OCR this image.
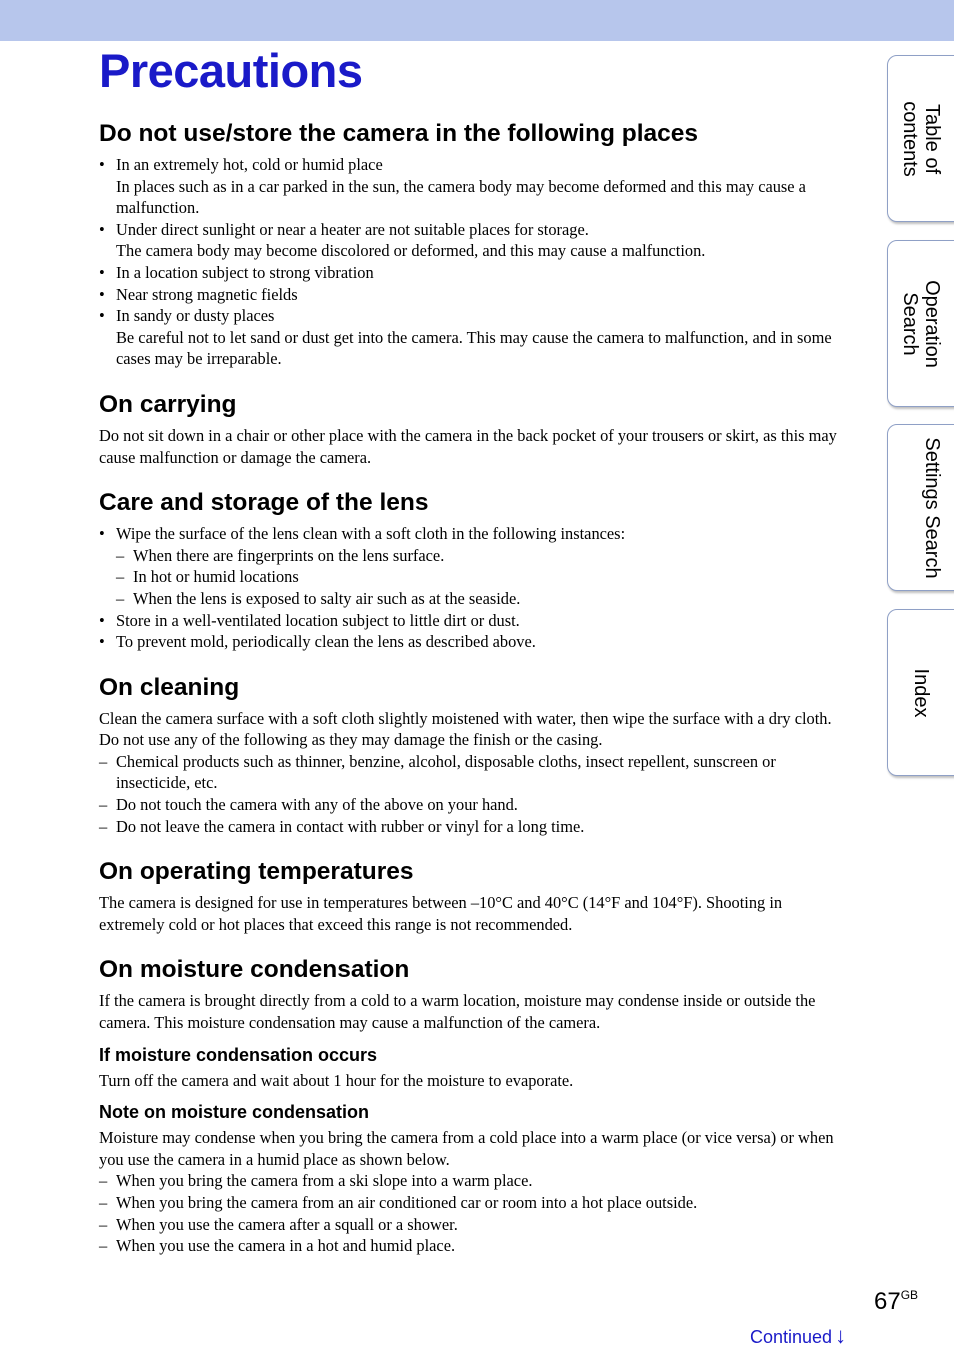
Precautions
Do not use/store the camera in the following places
• In an extremely hot, cold or humid place
In places such as in a car parked in the sun, the camera body may become deformed and this may cause a malfunction.
• Under direct sunlight or near a heater are not suitable places for storage.
The camera body may become discolored or deformed, and this may cause a malfunction.
• In a location subject to strong vibration
• Near strong magnetic fields
• In sandy or dusty places
Be careful not to let sand or dust get into the camera. This may cause the camera to malfunction, and in some cases may be irreparable.
On carrying

Do not sit down in a chair or other place with the camera in the back pocket of your trousers or skirt, as this may cause malfunction or damage the camera.

Care and storage of the lens
• Wipe the surface of the lens clean with a soft cloth in the following instances:
– When there are fingerprints on the lens surface.
– In hot or humid locations
– When the lens is exposed to salty air such as at the seaside.
• Store in a well-ventilated location subject to little dirt or dust.
• To prevent mold, periodically clean the lens as described above.
On cleaning

Clean the camera surface with a soft cloth slightly moistened with water, then wipe the surface with a dry cloth. Do not use any of the following as they may damage the finish or the casing.

– Chemical products such as thinner, benzine, alcohol, disposable cloths, insect repellent, sunscreen or insecticide, etc.
– Do not touch the camera with any of the above on your hand.
– Do not leave the camera in contact with rubber or vinyl for a long time.
On operating temperatures

The camera is designed for use in temperatures between –10°C and 40°C (14°F and 104°F). Shooting in extremely cold or hot places that exceed this range is not recommended.

On moisture condensation

If the camera is brought directly from a cold to a warm location, moisture may condense inside or outside the camera. This moisture condensation may cause a malfunction of the camera.

If moisture condensation occurs

Turn off the camera and wait about 1 hour for the moisture to evaporate.

Note on moisture condensation

Moisture may condense when you bring the camera from a cold place into a warm place (or vice versa) or when you use the camera in a humid place as shown below.

– When you bring the camera from a ski slope into a warm place.
– When you bring the camera from an air conditioned car or room into a hot place outside.
– When you use the camera after a squall or a shower.
– When you use the camera in a hot and humid place.
Table of contents
Operation Search
Settings Search
Index
$67^{GB}$
Continued ↓
